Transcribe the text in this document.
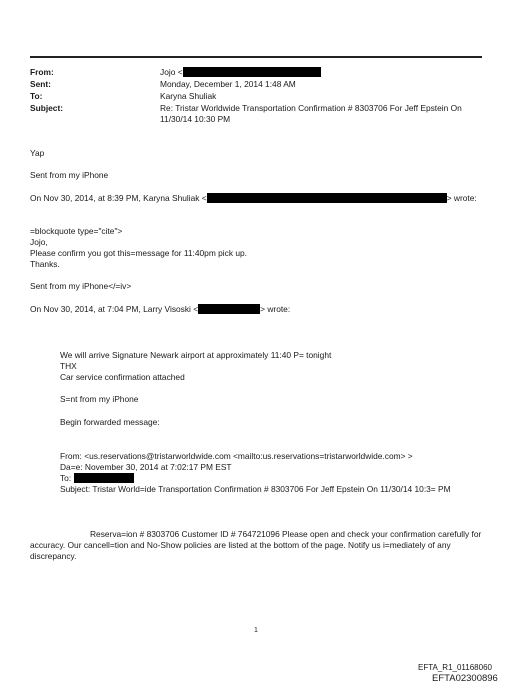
From:
Sent:
To:
Subject:
Jojo <
Monday, December 1, 2014 1:48 AM
Karyna Shuliak
Re: Tristar Worldwide Transportation Confirmation # 8303706 For Jeff Epstein On
11/30/14 10:30 PM
Yap
Sent from my iPhone
On Nov 30, 2014, at 8:39 PM, Karyna Shuliak <	> wrote:
=blockquote type="cite">
Jojo,
Please confirm you got this=message for 11:40pm pick up.
Thanks.
Sent from my iPhone</=iv>
On Nov 30, 2014, at 7:04 PM, Larry Visoski <	> wrote:
We will arrive Signature Newark airport at approximately 11:40 P= tonight
THX
Car service confirmation attached
S=nt from my iPhone
Begin forwarded message:
From: <us.reservations@tristarworldwide.com <mailto:us.reservations=tristarworldwide.com> >
Da=e: November 30, 2014 at 7:02:17 PM EST
To:
Subject: Tristar World=ide Transportation Confirmation # 8303706 For Jeff Epstein On 11/30/14 10:3= PM
Reserva=ion # 8303706 Customer ID # 764721096 Please open and check your confirmation carefully for accuracy. Our cancell=tion and No-Show policies are listed at the bottom of the page. Notify us i=mediately of any discrepancy.
1
EFTA_R1_01168060
EFTA02300896
